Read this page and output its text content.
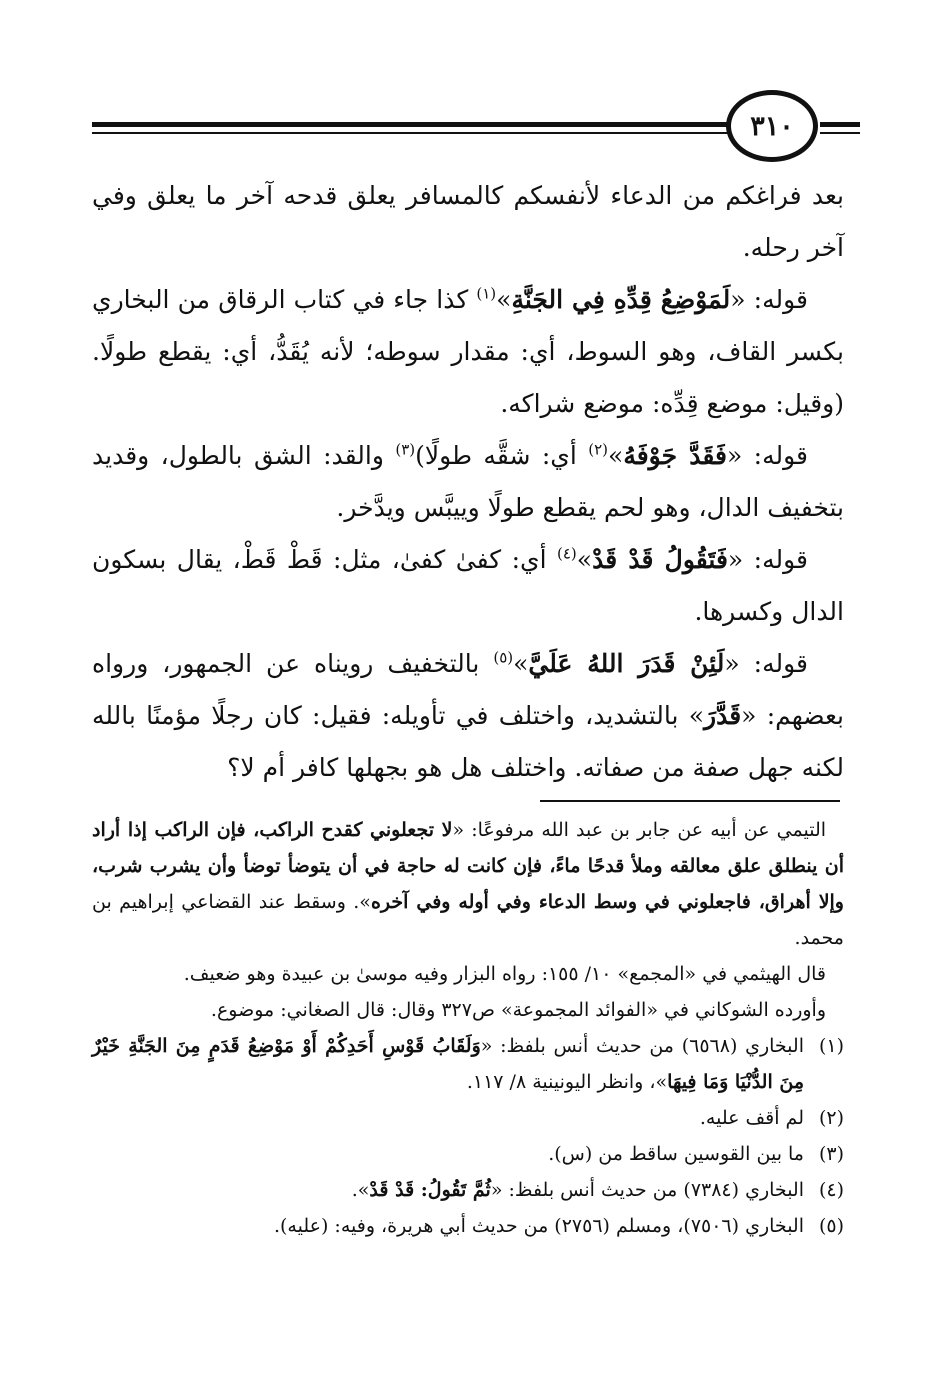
٣١٠

بعد فراغكم من الدعاء لأنفسكم كالمسافر يعلق قدحه آخر ما يعلق وفي آخر رحله.

قوله: «لَمَوْضِعُ قِدِّهِ فِي الجَنَّةِ»$^{(١)}$ كذا جاء في كتاب الرقاق من البخاري بكسر القاف، وهو السوط، أي: مقدار سوطه؛ لأنه يُقَدُّ، أي: يقطع طولًا. (وقيل: موضع قِدِّه: موضع شراكه.

قوله: «فَقَدَّ جَوْفَهُ»$^{(٢)}$ أي: شقَّه طولًا)$^{(٣)}$ والقد: الشق بالطول، وقديد بتخفيف الدال، وهو لحم يقطع طولًا وييبَّس ويدَّخر.

قوله: «فَتَقُولُ قَدْ قَدْ»$^{(٤)}$ أي: كفىٰ كفىٰ، مثل: قَطْ قَطْ، يقال بسكون الدال وكسرها.

قوله: «لَئِنْ قَدَرَ اللهُ عَلَيَّ»$^{(٥)}$ بالتخفيف رويناه عن الجمهور، ورواه بعضهم: «قَدَّرَ» بالتشديد، واختلف في تأويله: فقيل: كان رجلًا مؤمنًا بالله لكنه جهل صفة من صفاته. واختلف هل هو بجهلها كافر أم لا؟

التيمي عن أبيه عن جابر بن عبد الله مرفوعًا: «لا تجعلوني كقدح الراكب، فإن الراكب إذا أراد أن ينطلق علق معالقه وملأ قدحًا ماءً، فإن كانت له حاجة في أن يتوضأ توضأ وأن يشرب شرب، وإلا أهراق، فاجعلوني في وسط الدعاء وفي أوله وفي آخره». وسقط عند القضاعي إبراهيم بن محمد.

قال الهيثمي في «المجمع» ١٠/ ١٥٥: رواه البزار وفيه موسىٰ بن عبيدة وهو ضعيف.

وأورده الشوكاني في «الفوائد المجموعة» ص٣٢٧ وقال: قال الصغاني: موضوع.

(١)
البخاري (٦٥٦٨) من حديث أنس بلفظ: «وَلَقَابُ قَوْسِ أَحَدِكُمْ أَوْ مَوْضِعُ قَدَمٍ مِنَ الجَنَّةِ خَيْرٌ مِنَ الدُّنْيَا وَمَا فِيهَا»، وانظر اليونينية ٨/ ١١٧.
(٢)
لم أقف عليه.
(٣)
ما بين القوسين ساقط من (س).
(٤)
البخاري (٧٣٨٤) من حديث أنس بلفظ: «ثُمَّ تَقُولُ: قَدْ قَدْ».
(٥)
البخاري (٧٥٠٦)، ومسلم (٢٧٥٦) من حديث أبي هريرة، وفيه: (عليه).
